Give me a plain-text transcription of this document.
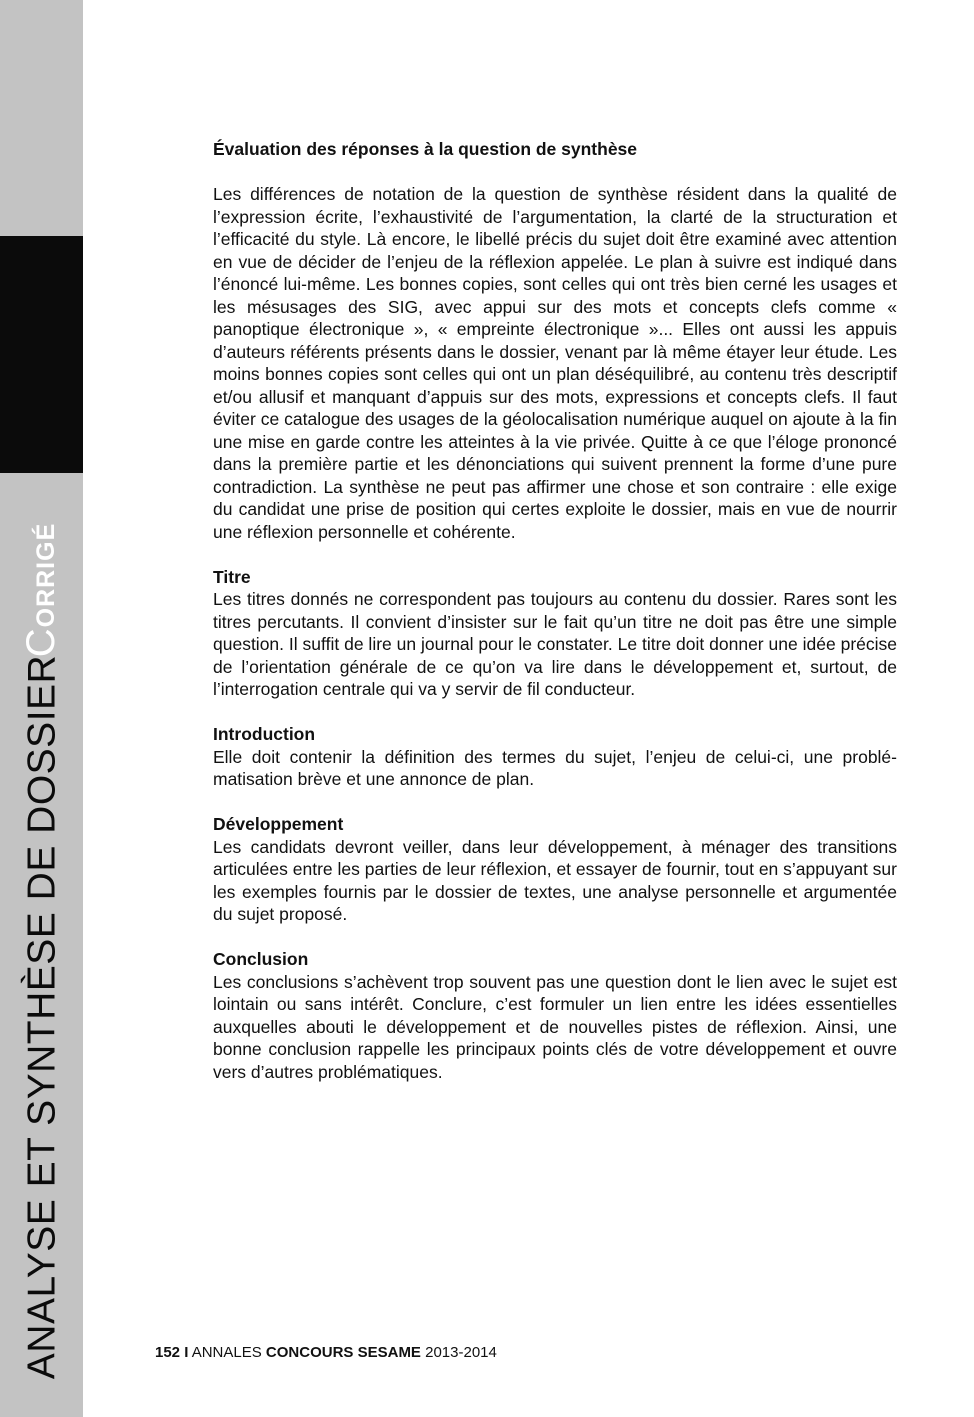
CORRIGÉ
ANALYSE ET SYNTHÈSE DE DOSSIER

Évaluation des réponses à la question de synthèse

Les différences de notation de la question de synthèse résident dans la qualité de l’expression écrite, l’exhaustivité de l’argumentation, la clarté de la structuration et l’efficacité du style. Là encore, le libellé précis du sujet doit être examiné avec attention en vue de décider de l’enjeu de la réflexion appelée. Le plan à suivre est indiqué dans l’énoncé lui-même. Les bonnes copies, sont celles qui ont très bien cerné les usages et les mésusages des SIG, avec appui sur des mots et concepts clefs comme « panoptique électronique », « empreinte électronique »... Elles ont aussi les appuis d’auteurs référents présents dans le dossier, venant par là même étayer leur étude. Les moins bonnes copies sont celles qui ont un plan déséquilibré, au contenu très descriptif et/ou allusif et manquant d’appuis sur des mots, expressions et concepts clefs. Il faut éviter ce catalogue des usages de la géolocalisation numérique auquel on ajoute à la fin une mise en garde contre les atteintes à la vie privée. Quitte à ce que l’éloge prononcé dans la première partie et les dénonciations qui suivent prennent la forme d’une pure contradiction. La synthèse ne peut pas affirmer une chose et son contraire : elle exige du candidat une prise de position qui certes exploite le dossier, mais en vue de nourrir une réflexion personnelle et cohérente.

Titre

Les titres donnés ne correspondent pas toujours au contenu du dossier. Rares sont les titres percutants. Il convient d’insister sur le fait qu’un titre ne doit pas être une simple question. Il suffit de lire un journal pour le constater. Le titre doit donner une idée précise de l’orientation générale de ce qu’on va lire dans le développement et, surtout, de l’interrogation centrale qui va y servir de fil conducteur.

Introduction

Elle doit contenir la définition des termes du sujet, l’enjeu de celui-ci, une problématisation brève et une annonce de plan.

Développement

Les candidats devront veiller, dans leur développement, à ménager des transitions articulées entre les parties de leur réflexion, et essayer de fournir, tout en s’appuyant sur les exemples fournis par le dossier de textes, une analyse personnelle et argumentée du sujet proposé.

Conclusion

Les conclusions s’achèvent trop souvent pas une question dont le lien avec le sujet est lointain ou sans intérêt. Conclure, c’est formuler un lien entre les idées essentielles auxquelles abouti le développement et de nouvelles pistes de réflexion. Ainsi, une bonne conclusion rappelle les principaux points clés de votre développement et ouvre vers d’autres problématiques.

152 I ANNALES CONCOURS SESAME 2013-2014
